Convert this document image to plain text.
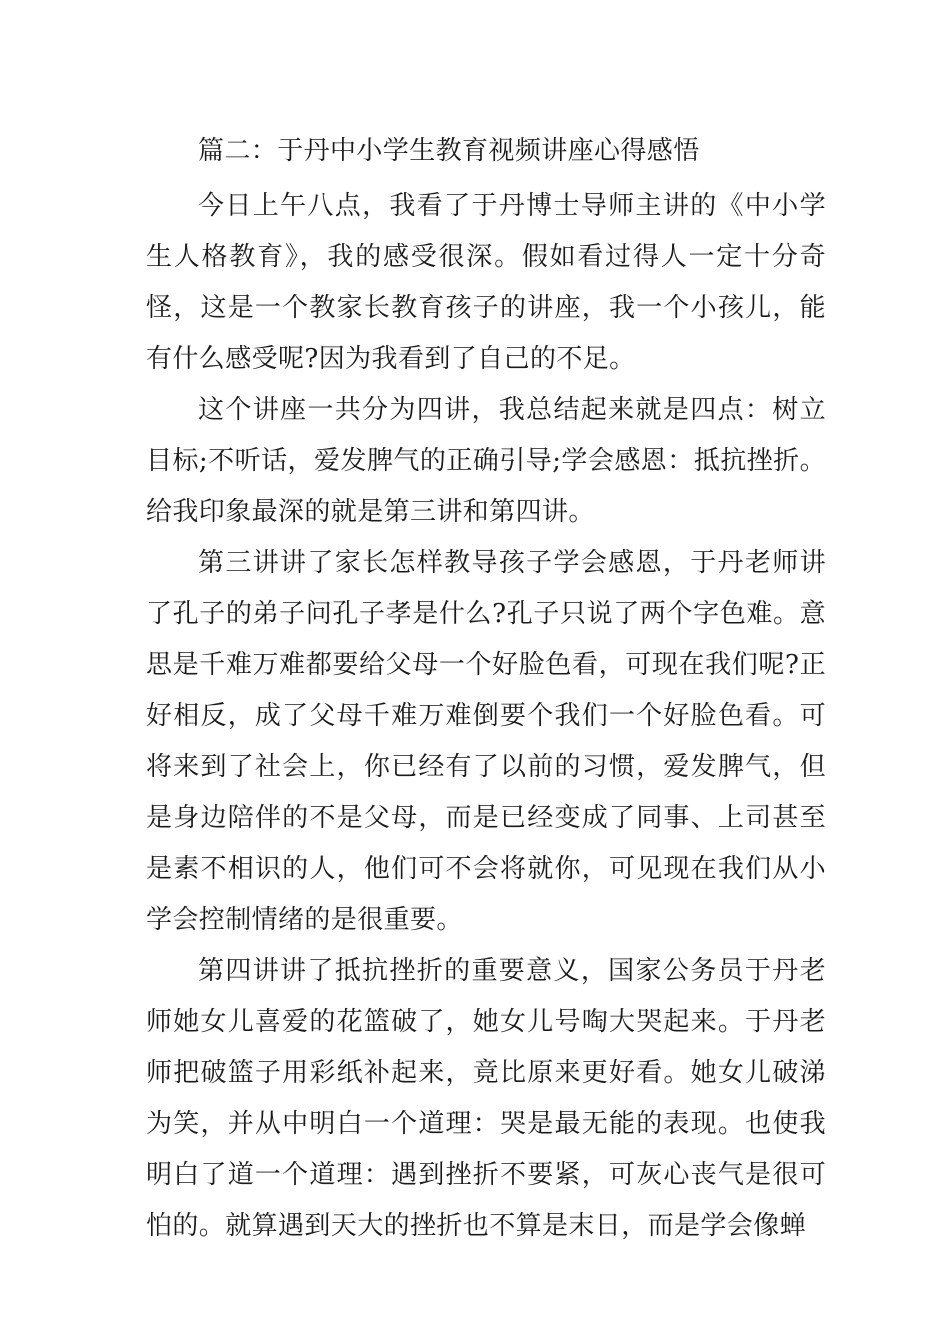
篇二：于丹中小学生教育视频讲座心得感悟

今日上午八点，我看了于丹博士导师主讲的《中小学生人格教育》，我的感受很深。假如看过得人一定十分奇怪，这是一个教家长教育孩子的讲座，我一个小孩儿，能有什么感受呢?因为我看到了自己的不足。

这个讲座一共分为四讲，我总结起来就是四点：树立目标;不听话，爱发脾气的正确引导;学会感恩：抵抗挫折。给我印象最深的就是第三讲和第四讲。

第三讲讲了家长怎样教导孩子学会感恩，于丹老师讲了孔子的弟子问孔子孝是什么?孔子只说了两个字色难。意思是千难万难都要给父母一个好脸色看，可现在我们呢?正好相反，成了父母千难万难倒要个我们一个好脸色看。可将来到了社会上，你已经有了以前的习惯，爱发脾气，但是身边陪伴的不是父母，而是已经变成了同事、上司甚至是素不相识的人，他们可不会将就你，可见现在我们从小学会控制情绪的是很重要。

第四讲讲了抵抗挫折的重要意义，国家公务员于丹老师她女儿喜爱的花篮破了，她女儿号啕大哭起来。于丹老师把破篮子用彩纸补起来，竟比原来更好看。她女儿破涕为笑，并从中明白一个道理：哭是最无能的表现。也使我明白了道一个道理：遇到挫折不要紧，可灰心丧气是很可怕的。就算遇到天大的挫折也不算是末日，而是学会像蝉
